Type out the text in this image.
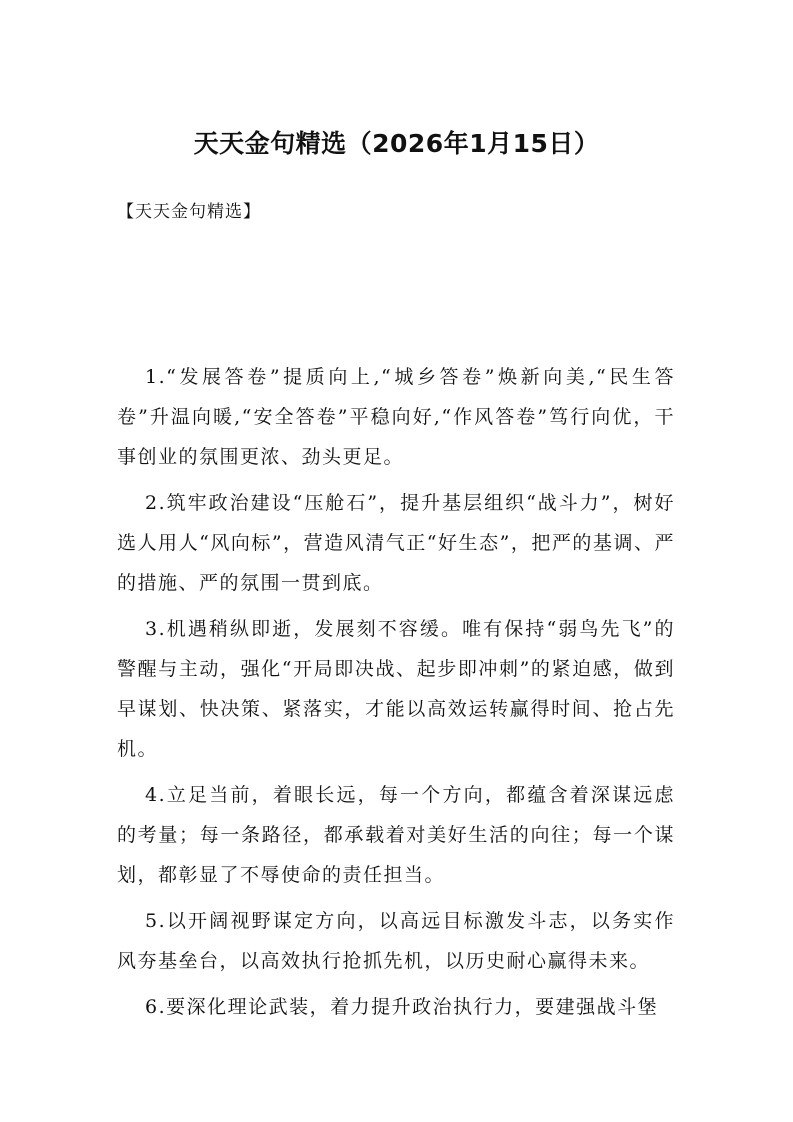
天天金句精选（2026年1月15日）

【天天金句精选】

1.“发展答卷”提质向上,“城乡答卷”焕新向美,“民生答卷”升温向暖,“安全答卷”平稳向好,“作风答卷”笃行向优，干事创业的氛围更浓、劲头更足。

2.筑牢政治建设“压舱石”，提升基层组织“战斗力”，树好选人用人“风向标”，营造风清气正“好生态”，把严的基调、严的措施、严的氛围一贯到底。

3.机遇稍纵即逝，发展刻不容缓。唯有保持“弱鸟先飞”的警醒与主动，强化“开局即决战、起步即冲刺”的紧迫感，做到早谋划、快决策、紧落实，才能以高效运转赢得时间、抢占先机。

4.立足当前，着眼长远，每一个方向，都蕴含着深谋远虑的考量；每一条路径，都承载着对美好生活的向往；每一个谋划，都彰显了不辱使命的责任担当。

5.以开阔视野谋定方向，以高远目标激发斗志，以务实作风夯基垒台，以高效执行抢抓先机，以历史耐心赢得未来。

6.要深化理论武装，着力提升政治执行力，要建强战斗堡
